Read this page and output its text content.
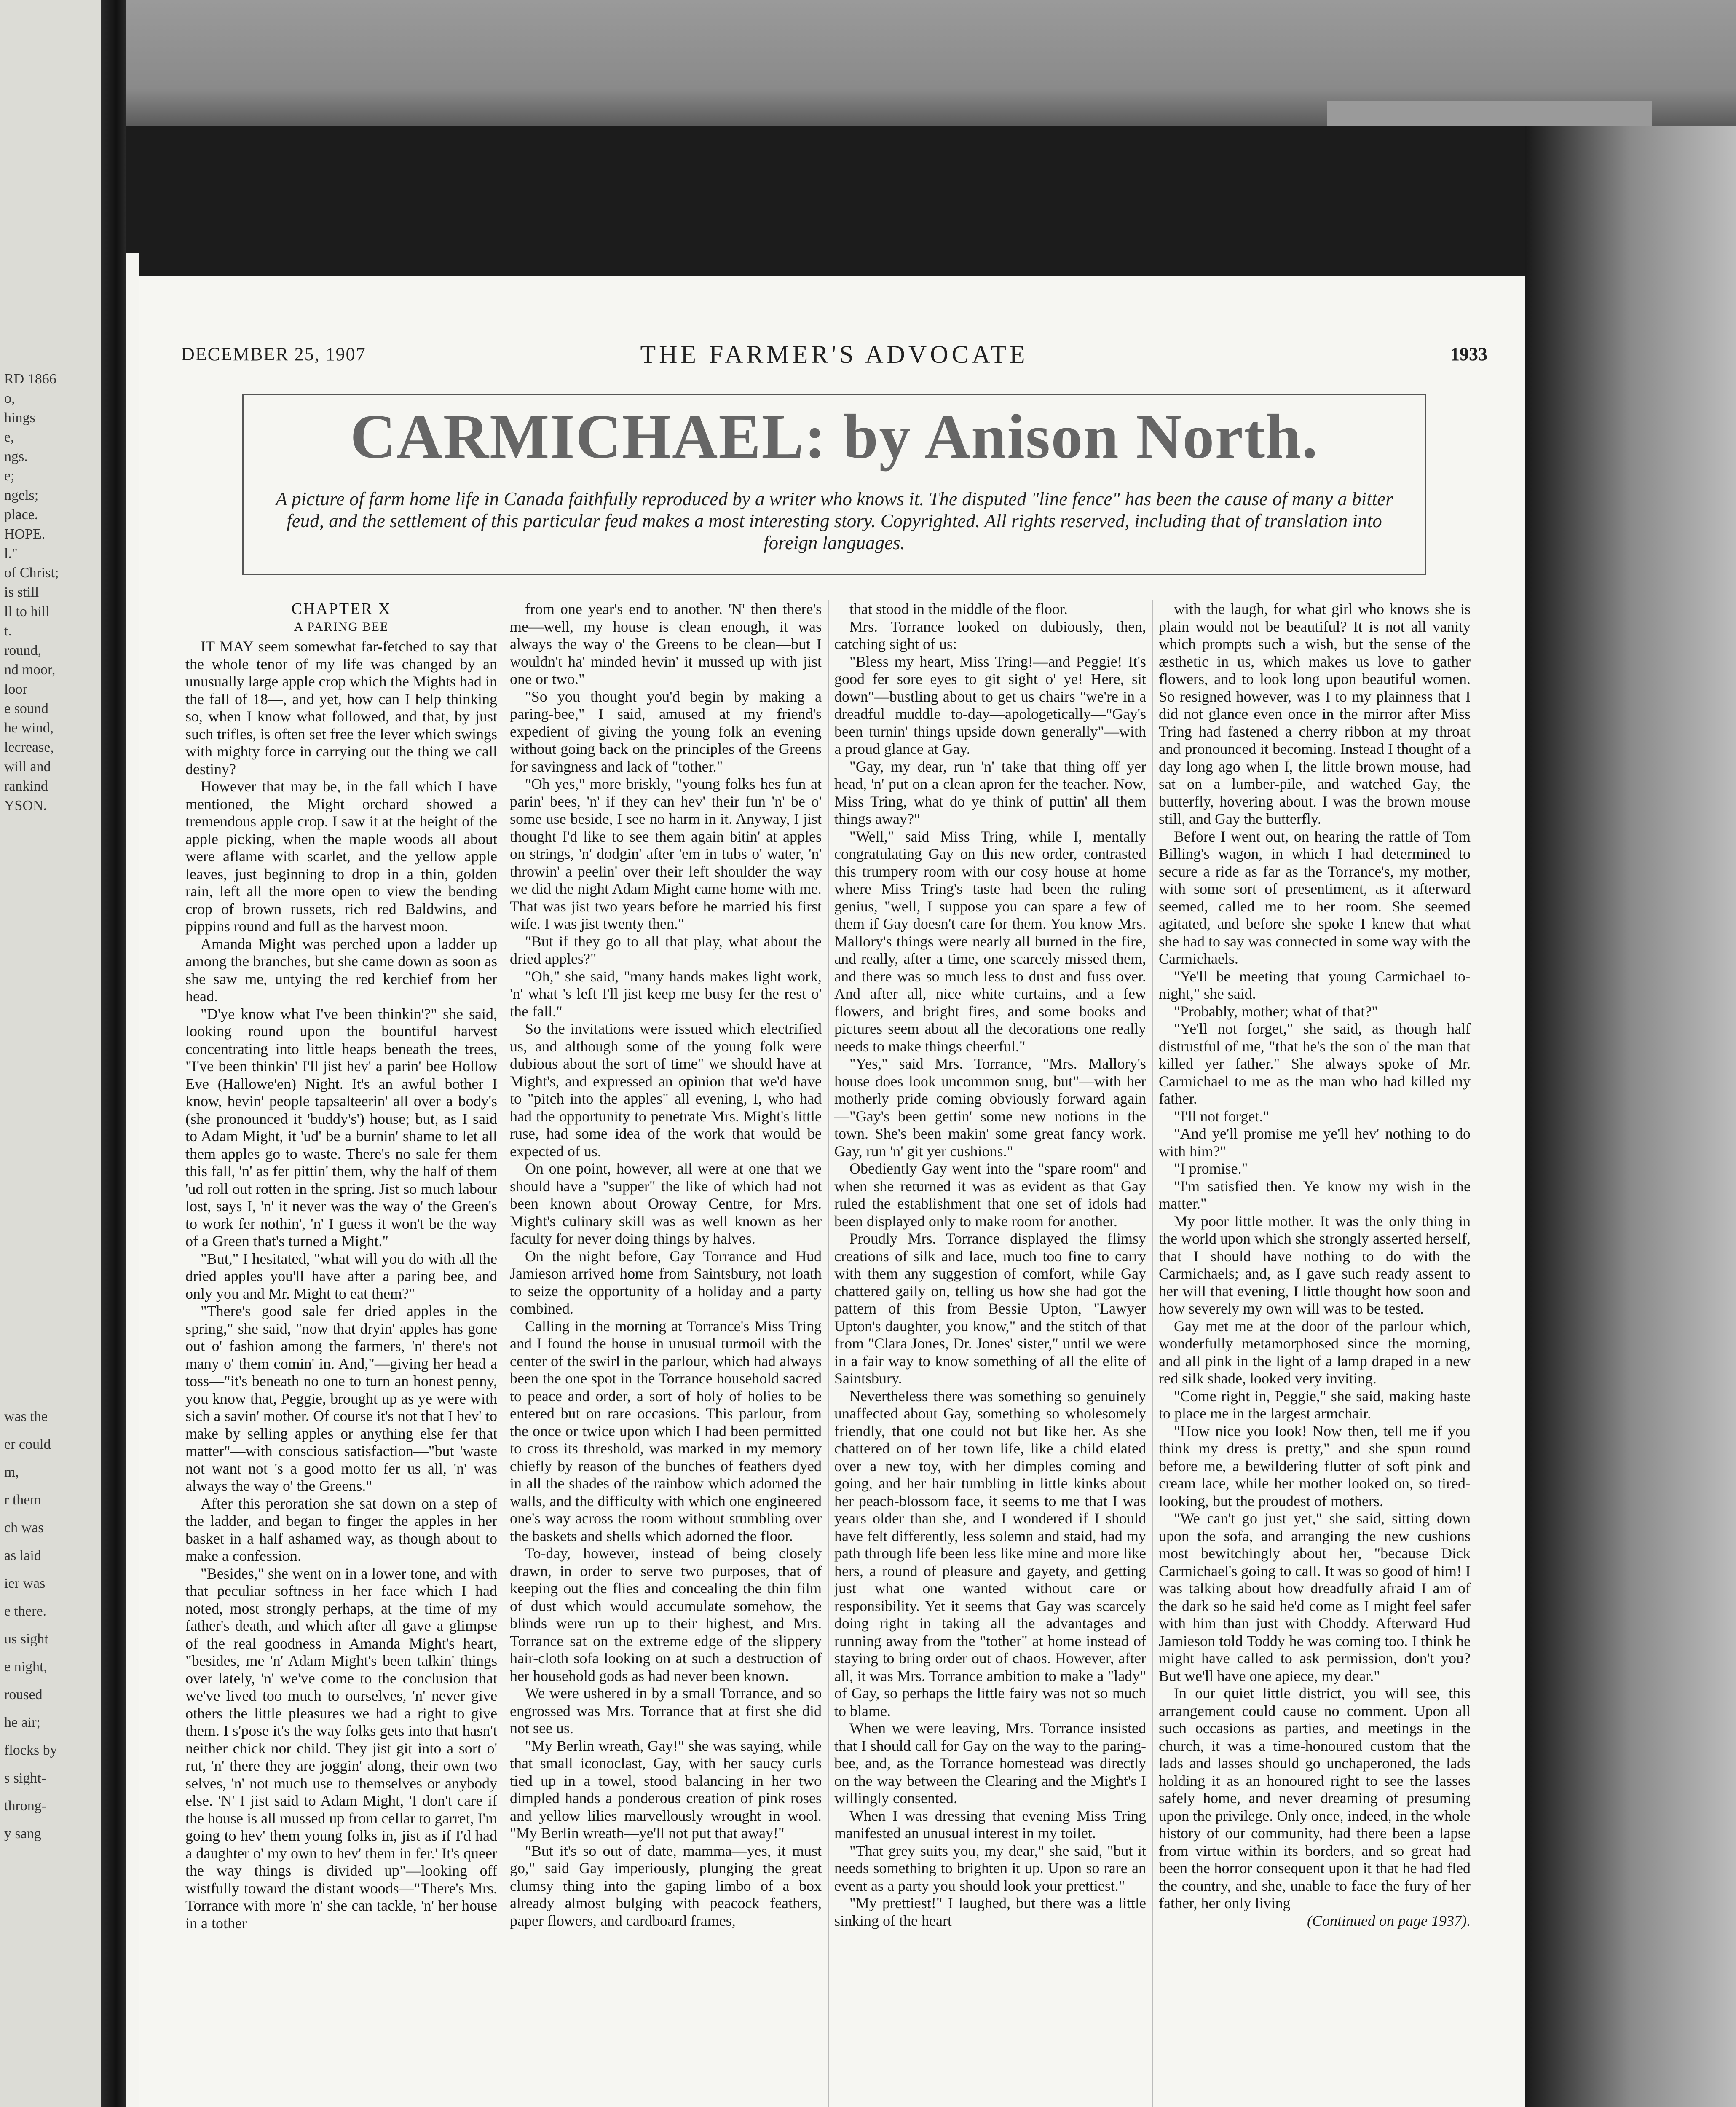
RD 1866
o,
hings
e,
ngs.
e;
ngels;
place.
HOPE.
l."
of Christ;
is still
ll to hill
t.
round,
nd moor,
loor
e sound
he wind,
lecrease,
will and
rankind
YSON.
was the
er could
m,
r them
ch was
as laid
ier was
e there.
us sight
e night,
roused
he air;
flocks by
s sight-
throng-
y sang
DECEMBER 25, 1907	THE FARMER'S ADVOCATE	1933
CARMICHAEL: by Anison North.
A picture of farm home life in Canada faithfully reproduced by a writer who knows it. The disputed "line fence" has been the cause of many a bitter feud, and the settlement of this particular feud makes a most interesting story. Copyrighted. All rights reserved, including that of translation into foreign languages.

CHAPTER X

A PARING BEE

IT MAY seem somewhat far-fetched to say that the whole tenor of my life was changed by an unusually large apple crop which the Mights had in the fall of 18—, and yet, how can I help thinking so, when I know what followed, and that, by just such trifles, is often set free the lever which swings with mighty force in carrying out the thing we call destiny?

However that may be, in the fall which I have mentioned, the Might orchard showed a tremendous apple crop. I saw it at the height of the apple picking, when the maple woods all about were aflame with scarlet, and the yellow apple leaves, just beginning to drop in a thin, golden rain, left all the more open to view the bending crop of brown russets, rich red Baldwins, and pippins round and full as the harvest moon.

Amanda Might was perched upon a ladder up among the branches, but she came down as soon as she saw me, untying the red kerchief from her head.

"D'ye know what I've been thinkin'?" she said, looking round upon the bountiful harvest concentrating into little heaps beneath the trees, "I've been thinkin' I'll jist hev' a parin' bee Hollow Eve (Hallowe'en) Night. It's an awful bother I know, hevin' people tapsalteerin' all over a body's (she pronounced it 'buddy's') house; but, as I said to Adam Might, it 'ud' be a burnin' shame to let all them apples go to waste. There's no sale fer them this fall, 'n' as fer pittin' them, why the half of them 'ud roll out rotten in the spring. Jist so much labour lost, says I, 'n' it never was the way o' the Green's to work fer nothin', 'n' I guess it won't be the way of a Green that's turned a Might."

"But," I hesitated, "what will you do with all the dried apples you'll have after a paring bee, and only you and Mr. Might to eat them?"

"There's good sale fer dried apples in the spring," she said, "now that dryin' apples has gone out o' fashion among the farmers, 'n' there's not many o' them comin' in. And,"—giving her head a toss—"it's beneath no one to turn an honest penny, you know that, Peggie, brought up as ye were with sich a savin' mother. Of course it's not that I hev' to make by selling apples or anything else fer that matter"—with conscious satisfaction—"but 'waste not want not 's a good motto fer us all, 'n' was always the way o' the Greens."

After this peroration she sat down on a step of the ladder, and began to finger the apples in her basket in a half ashamed way, as though about to make a confession.

"Besides," she went on in a lower tone, and with that peculiar softness in her face which I had noted, most strongly perhaps, at the time of my father's death, and which after all gave a glimpse of the real goodness in Amanda Might's heart, "besides, me 'n' Adam Might's been talkin' things over lately, 'n' we've come to the conclusion that we've lived too much to ourselves, 'n' never give others the little pleasures we had a right to give them. I s'pose it's the way folks gets into that hasn't neither chick nor child. They jist git into a sort o' rut, 'n' there they are joggin' along, their own two selves, 'n' not much use to themselves or anybody else. 'N' I jist said to Adam Might, 'I don't care if the house is all mussed up from cellar to garret, I'm going to hev' them young folks in, jist as if I'd had a daughter o' my own to hev' them in fer.' It's queer the way things is divided up"—looking off wistfully toward the distant woods—"There's Mrs. Torrance with more 'n' she can tackle, 'n' her house in a tother

from one year's end to another. 'N' then there's me—well, my house is clean enough, it was always the way o' the Greens to be clean—but I wouldn't ha' minded hevin' it mussed up with jist one or two."

"So you thought you'd begin by making a paring-bee," I said, amused at my friend's expedient of giving the young folk an evening without going back on the principles of the Greens for savingness and lack of "tother."

"Oh yes," more briskly, "young folks hes fun at parin' bees, 'n' if they can hev' their fun 'n' be o' some use beside, I see no harm in it. Anyway, I jist thought I'd like to see them again bitin' at apples on strings, 'n' dodgin' after 'em in tubs o' water, 'n' throwin' a peelin' over their left shoulder the way we did the night Adam Might came home with me. That was jist two years before he married his first wife. I was jist twenty then."

"But if they go to all that play, what about the dried apples?"

"Oh," she said, "many hands makes light work, 'n' what 's left I'll jist keep me busy fer the rest o' the fall."

So the invitations were issued which electrified us, and although some of the young folk were dubious about the sort of time" we should have at Might's, and expressed an opinion that we'd have to "pitch into the apples" all evening, I, who had had the opportunity to penetrate Mrs. Might's little ruse, had some idea of the work that would be expected of us.

On one point, however, all were at one that we should have a "supper" the like of which had not been known about Oroway Centre, for Mrs. Might's culinary skill was as well known as her faculty for never doing things by halves.

On the night before, Gay Torrance and Hud Jamieson arrived home from Saintsbury, not loath to seize the opportunity of a holiday and a party combined.

Calling in the morning at Torrance's Miss Tring and I found the house in unusual turmoil with the center of the swirl in the parlour, which had always been the one spot in the Torrance household sacred to peace and order, a sort of holy of holies to be entered but on rare occasions. This parlour, from the once or twice upon which I had been permitted to cross its threshold, was marked in my memory chiefly by reason of the bunches of feathers dyed in all the shades of the rainbow which adorned the walls, and the difficulty with which one engineered one's way across the room without stumbling over the baskets and shells which adorned the floor.

To-day, however, instead of being closely drawn, in order to serve two purposes, that of keeping out the flies and concealing the thin film of dust which would accumulate somehow, the blinds were run up to their highest, and Mrs. Torrance sat on the extreme edge of the slippery hair-cloth sofa looking on at such a destruction of her household gods as had never been known.

We were ushered in by a small Torrance, and so engrossed was Mrs. Torrance that at first she did not see us.

"My Berlin wreath, Gay!" she was saying, while that small iconoclast, Gay, with her saucy curls tied up in a towel, stood balancing in her two dimpled hands a ponderous creation of pink roses and yellow lilies marvellously wrought in wool. "My Berlin wreath—ye'll not put that away!"

"But it's so out of date, mamma—yes, it must go," said Gay imperiously, plunging the great clumsy thing into the gaping limbo of a box already almost bulging with peacock feathers, paper flowers, and cardboard frames,

that stood in the middle of the floor.

Mrs. Torrance looked on dubiously, then, catching sight of us:

"Bless my heart, Miss Tring!—and Peggie! It's good fer sore eyes to git sight o' ye! Here, sit down"—bustling about to get us chairs "we're in a dreadful muddle to-day—apologetically—"Gay's been turnin' things upside down generally"—with a proud glance at Gay.

"Gay, my dear, run 'n' take that thing off yer head, 'n' put on a clean apron fer the teacher. Now, Miss Tring, what do ye think of puttin' all them things away?"

"Well," said Miss Tring, while I, mentally congratulating Gay on this new order, contrasted this trumpery room with our cosy house at home where Miss Tring's taste had been the ruling genius, "well, I suppose you can spare a few of them if Gay doesn't care for them. You know Mrs. Mallory's things were nearly all burned in the fire, and really, after a time, one scarcely missed them, and there was so much less to dust and fuss over. And after all, nice white curtains, and a few flowers, and bright fires, and some books and pictures seem about all the decorations one really needs to make things cheerful."

"Yes," said Mrs. Torrance, "Mrs. Mallory's house does look uncommon snug, but"—with her motherly pride coming obviously forward again—"Gay's been gettin' some new notions in the town. She's been makin' some great fancy work. Gay, run 'n' git yer cushions."

Obediently Gay went into the "spare room" and when she returned it was as evident as that Gay ruled the establishment that one set of idols had been displayed only to make room for another.

Proudly Mrs. Torrance displayed the flimsy creations of silk and lace, much too fine to carry with them any suggestion of comfort, while Gay chattered gaily on, telling us how she had got the pattern of this from Bessie Upton, "Lawyer Upton's daughter, you know," and the stitch of that from "Clara Jones, Dr. Jones' sister," until we were in a fair way to know something of all the elite of Saintsbury.

Nevertheless there was something so genuinely unaffected about Gay, something so wholesomely friendly, that one could not but like her. As she chattered on of her town life, like a child elated over a new toy, with her dimples coming and going, and her hair tumbling in little kinks about her peach-blossom face, it seems to me that I was years older than she, and I wondered if I should have felt differently, less solemn and staid, had my path through life been less like mine and more like hers, a round of pleasure and gayety, and getting just what one wanted without care or responsibility. Yet it seems that Gay was scarcely doing right in taking all the advantages and running away from the "tother" at home instead of staying to bring order out of chaos. However, after all, it was Mrs. Torrance ambition to make a "lady" of Gay, so perhaps the little fairy was not so much to blame.

When we were leaving, Mrs. Torrance insisted that I should call for Gay on the way to the paring-bee, and, as the Torrance homestead was directly on the way between the Clearing and the Might's I willingly consented.

When I was dressing that evening Miss Tring manifested an unusual interest in my toilet.

"That grey suits you, my dear," she said, "but it needs something to brighten it up. Upon so rare an event as a party you should look your prettiest."

"My prettiest!" I laughed, but there was a little sinking of the heart

with the laugh, for what girl who knows she is plain would not be beautiful? It is not all vanity which prompts such a wish, but the sense of the æsthetic in us, which makes us love to gather flowers, and to look long upon beautiful women. So resigned however, was I to my plainness that I did not glance even once in the mirror after Miss Tring had fastened a cherry ribbon at my throat and pronounced it becoming. Instead I thought of a day long ago when I, the little brown mouse, had sat on a lumber-pile, and watched Gay, the butterfly, hovering about. I was the brown mouse still, and Gay the butterfly.

Before I went out, on hearing the rattle of Tom Billing's wagon, in which I had determined to secure a ride as far as the Torrance's, my mother, with some sort of presentiment, as it afterward seemed, called me to her room. She seemed agitated, and before she spoke I knew that what she had to say was connected in some way with the Carmichaels.

"Ye'll be meeting that young Carmichael to-night," she said.

"Probably, mother; what of that?"

"Ye'll not forget," she said, as though half distrustful of me, "that he's the son o' the man that killed yer father." She always spoke of Mr. Carmichael to me as the man who had killed my father.

"I'll not forget."

"And ye'll promise me ye'll hev' nothing to do with him?"

"I promise."

"I'm satisfied then. Ye know my wish in the matter."

My poor little mother. It was the only thing in the world upon which she strongly asserted herself, that I should have nothing to do with the Carmichaels; and, as I gave such ready assent to her will that evening, I little thought how soon and how severely my own will was to be tested.

Gay met me at the door of the parlour which, wonderfully metamorphosed since the morning, and all pink in the light of a lamp draped in a new red silk shade, looked very inviting.

"Come right in, Peggie," she said, making haste to place me in the largest armchair.

"How nice you look! Now then, tell me if you think my dress is pretty," and she spun round before me, a bewildering flutter of soft pink and cream lace, while her mother looked on, so tired-looking, but the proudest of mothers.

"We can't go just yet," she said, sitting down upon the sofa, and arranging the new cushions most bewitchingly about her, "because Dick Carmichael's going to call. It was so good of him! I was talking about how dreadfully afraid I am of the dark so he said he'd come as I might feel safer with him than just with Choddy. Afterward Hud Jamieson told Toddy he was coming too. I think he might have called to ask permission, don't you? But we'll have one apiece, my dear."

In our quiet little district, you will see, this arrangement could cause no comment. Upon all such occasions as parties, and meetings in the church, it was a time-honoured custom that the lads and lasses should go unchaperoned, the lads holding it as an honoured right to see the lasses safely home, and never dreaming of presuming upon the privilege. Only once, indeed, in the whole history of our community, had there been a lapse from virtue within its borders, and so great had been the horror consequent upon it that he had fled the country, and she, unable to face the fury of her father, her only living

(Continued on page 1937).
